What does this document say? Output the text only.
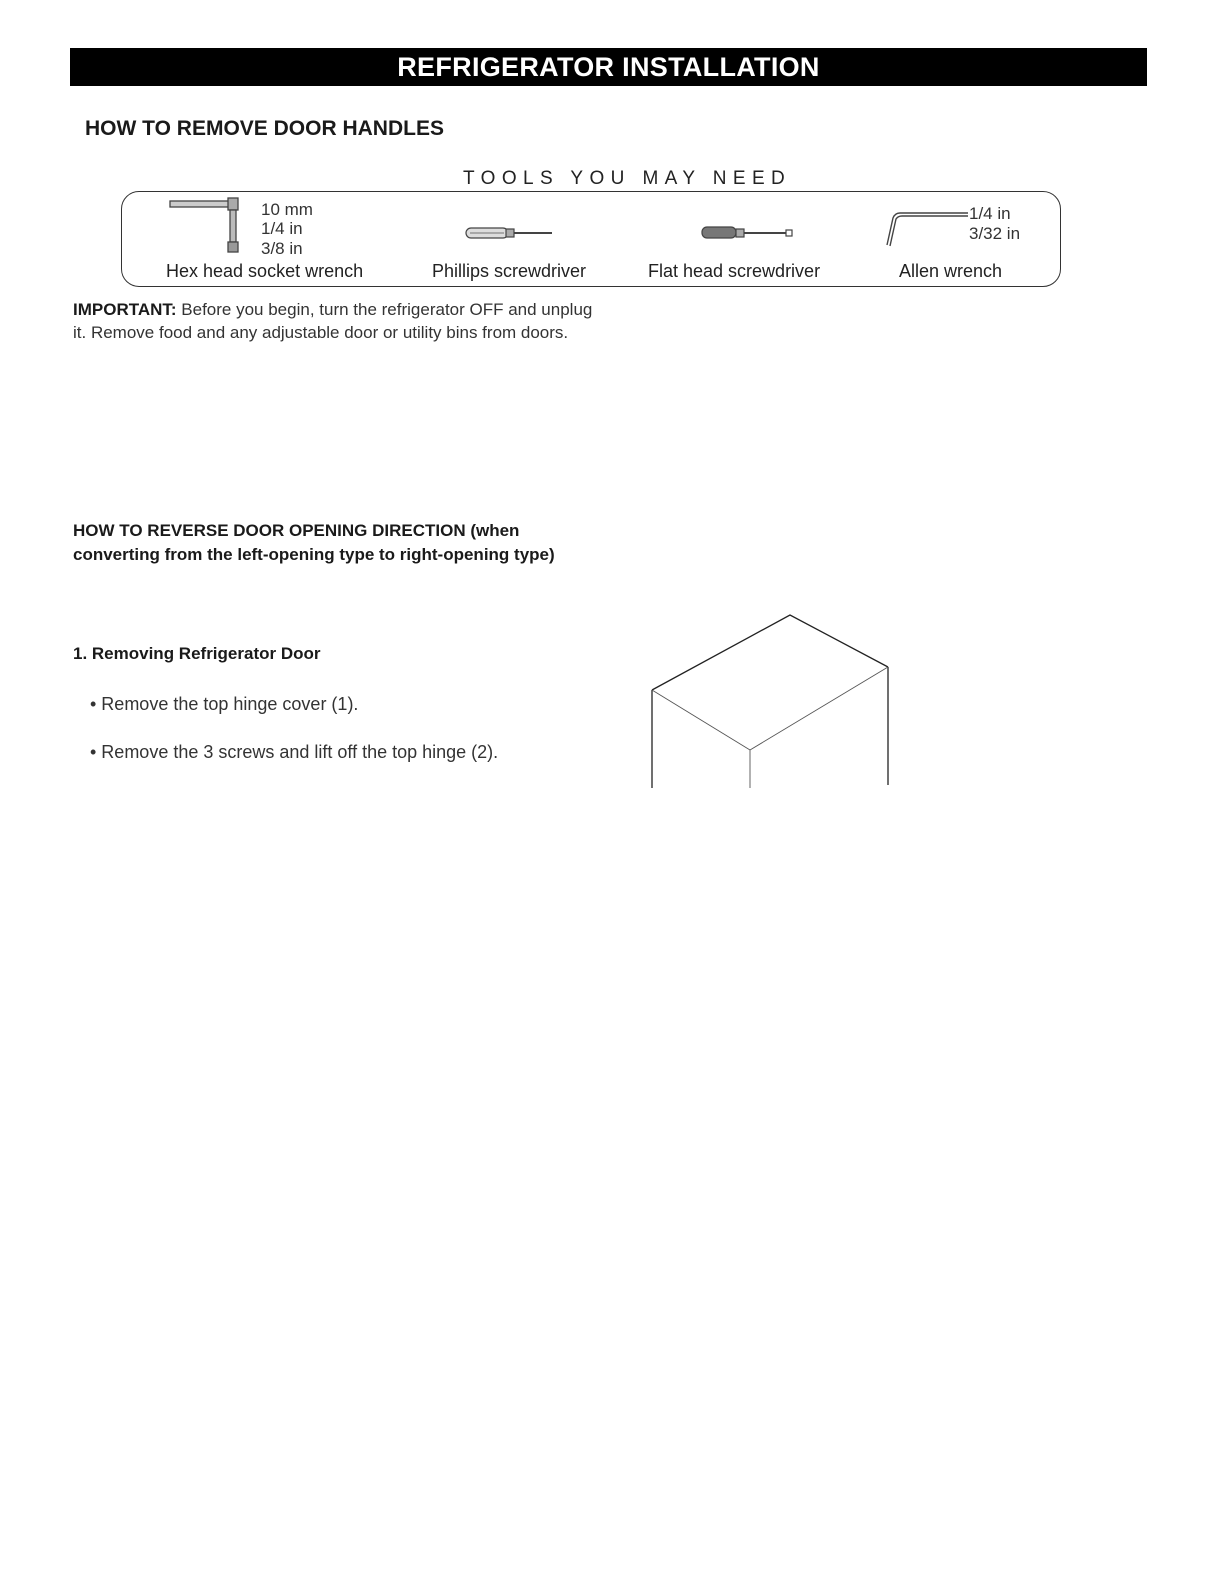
REFRIGERATOR INSTALLATION
HOW TO REMOVE DOOR HANDLES
TOOLS YOU MAY NEED
10 mm
1/4 in
3/8 in
1/4 in
3/32 in
Hex head socket wrench	Phillips screwdriver	Flat head screwdriver	Allen wrench
IMPORTANT: Before you begin, turn the refrigerator OFF and unplug it. Remove food and any adjustable door or utility bins from doors.
HOW TO REVERSE DOOR OPENING DIRECTION (when converting from the left-opening type to right-opening type)
1. Removing Refrigerator Door
• Remove the top hinge cover (1).
• Remove the 3 screws and lift off the top hinge (2).
